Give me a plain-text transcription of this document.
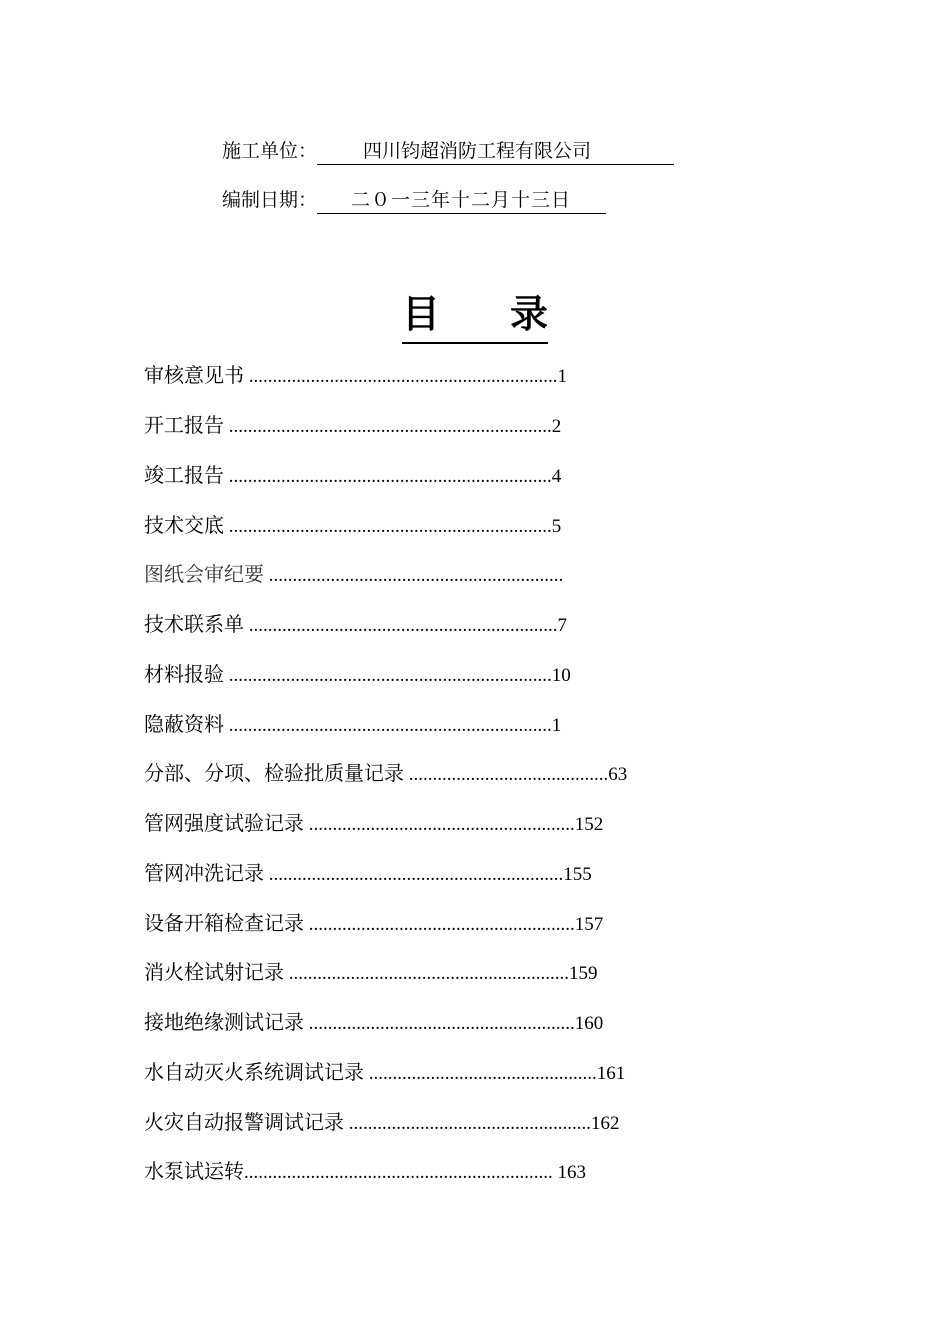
施工单位： 四川钧超消防工程有限公司
编制日期： 二０一三年十二月十三日
目 录
审核意见书 .................................................................1
开工报告 ....................................................................2
竣工报告 ....................................................................4
技术交底 ....................................................................5
图纸会审纪要 ..............................................................
技术联系单 .................................................................7
材料报验 ....................................................................10
隐蔽资料 ....................................................................1
分部、分项、检验批质量记录 ..........................................63
管网强度试验记录 ........................................................152
管网冲洗记录 ..............................................................155
设备开箱检查记录 ........................................................157
消火栓试射记录 ...........................................................159
接地绝缘测试记录 ........................................................160
水自动灭火系统调试记录 ................................................161
火灾自动报警调试记录 ...................................................162
水泵试运转................................................................. 163
